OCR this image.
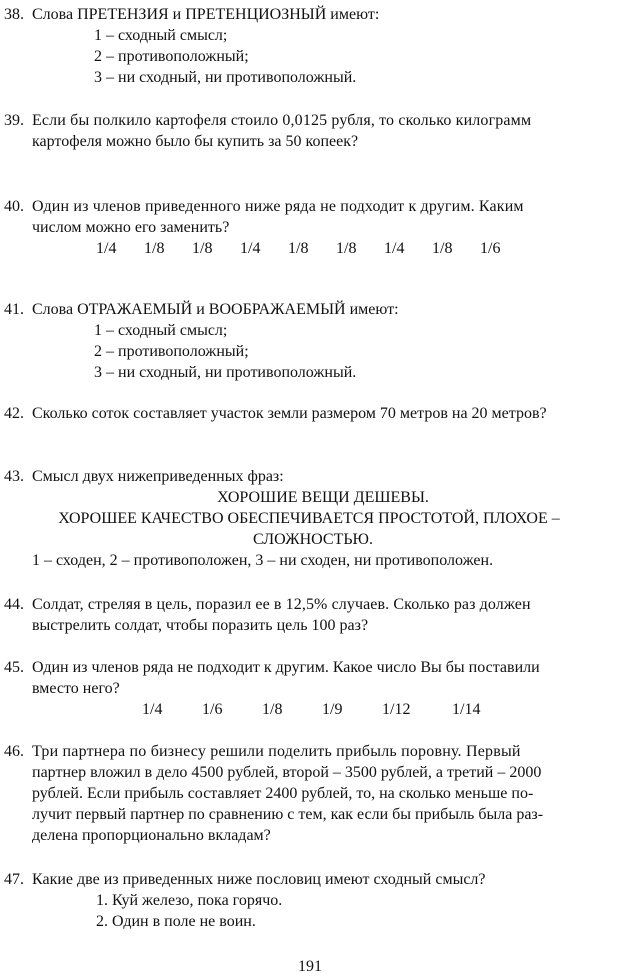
38. Слова ПРЕТЕНЗИЯ и ПРЕТЕНЦИОЗНЫЙ имеют:
1 – сходный смысл;
2 – противоположный;
3 – ни сходный, ни противоположный.
39. Если бы полкило картофеля стоило 0,0125 рубля, то сколько килограмм
картофеля можно было бы купить за 50 копеек?
40. Один из членов приведенного ниже ряда не подходит к другим. Каким
числом можно его заменить?
1/4	1/8	1/8	1/4	1/8	1/8	1/4	1/8	1/6
41. Слова ОТРАЖАЕМЫЙ и ВООБРАЖАЕМЫЙ имеют:
1 – сходный смысл;
2 – противоположный;
3 – ни сходный, ни противоположный.
42. Сколько соток составляет участок земли размером 70 метров на 20 метров?
43. Смысл двух нижеприведенных фраз:
ХОРОШИЕ ВЕЩИ ДЕШЕВЫ.
ХОРОШЕЕ КАЧЕСТВО ОБЕСПЕЧИВАЕТСЯ ПРОСТОТОЙ, ПЛОХОЕ –
СЛОЖНОСТЬЮ.
1 – сходен, 2 – противоположен, 3 – ни сходен, ни противоположен.
44. Солдат, стреляя в цель, поразил ее в 12,5% случаев. Сколько раз должен
выстрелить солдат, чтобы поразить цель 100 раз?
45. Один из членов ряда не подходит к другим. Какое число Вы бы поставили
вместо него?
1/4	1/6	1/8	1/9	1/12	1/14
46. Три партнера по бизнесу решили поделить прибыль поровну. Первый
партнер вложил в дело 4500 рублей, второй – 3500 рублей, а третий – 2000
рублей. Если прибыль составляет 2400 рублей, то, на сколько меньше по-
лучит первый партнер по сравнению с тем, как если бы прибыль была раз-
делена пропорционально вкладам?
47. Какие две из приведенных ниже пословиц имеют сходный смысл?
1. Куй железо, пока горячо.
2. Один в поле не воин.
191
